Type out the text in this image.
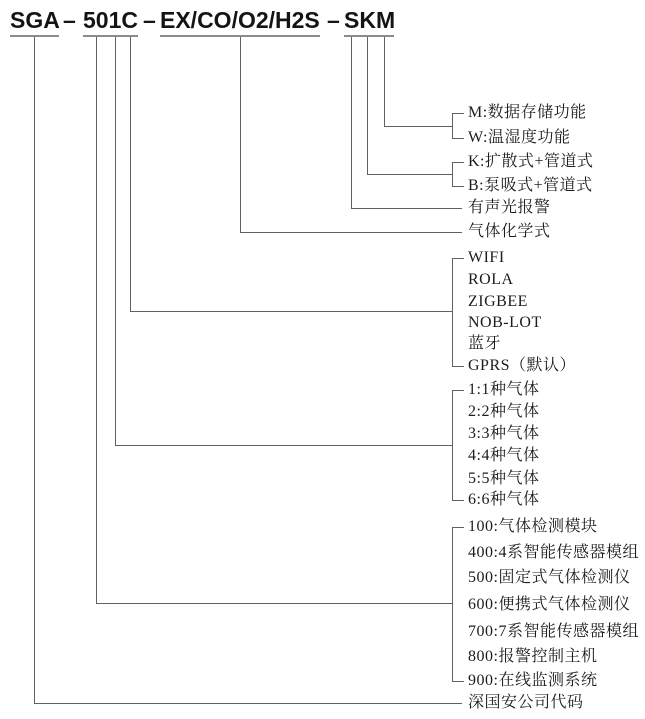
SGA – 501C – EX/CO/O2/H2S – SKM
M:数据存储功能
W:温湿度功能
K:扩散式+管道式
B:泵吸式+管道式
有声光报警
气体化学式
WIFI
ROLA
ZIGBEE
NOB-LOT
蓝牙
GPRS（默认）
1:1种气体
2:2种气体
3:3种气体
4:4种气体
5:5种气体
6:6种气体
100:气体检测模块
400:4系智能传感器模组
500:固定式气体检测仪
600:便携式气体检测仪
700:7系智能传感器模组
800:报警控制主机
900:在线监测系统
深国安公司代码
